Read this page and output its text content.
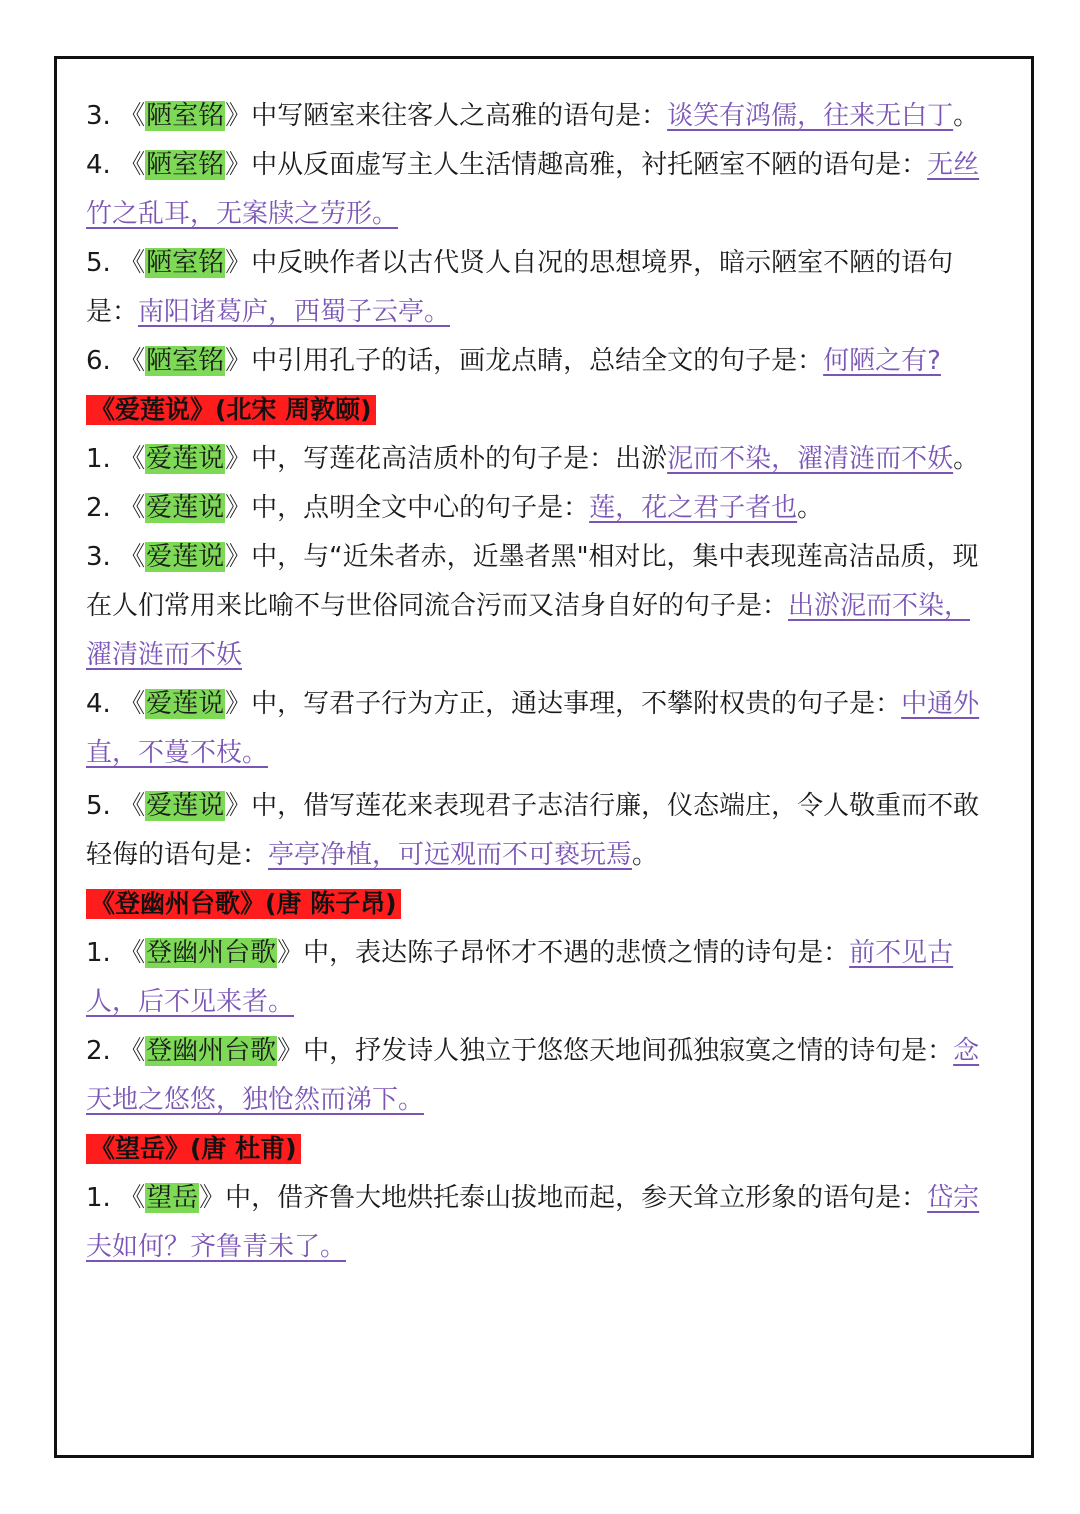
3. 《陋室铭》中写陋室来往客人之高雅的语句是：谈笑有鸿儒，往来无白丁。

4. 《陋室铭》中从反面虚写主人生活情趣高雅，衬托陋室不陋的语句是：无丝竹之乱耳，无案牍之劳形。

5. 《陋室铭》中反映作者以古代贤人自况的思想境界，暗示陋室不陋的语句是：南阳诸葛庐，西蜀子云亭。

6. 《陋室铭》中引用孔子的话，画龙点睛，总结全文的句子是：何陋之有?

《爱莲说》(北宋 周敦颐)

1. 《爱莲说》中，写莲花高洁质朴的句子是：出淤泥而不染，濯清涟而不妖。

2. 《爱莲说》中，点明全文中心的句子是：莲，花之君子者也。

3. 《爱莲说》中，与“近朱者赤，近墨者黑"相对比，集中表现莲高洁品质，现在人们常用来比喻不与世俗同流合污而又洁身自好的句子是：出淤泥而不染，濯清涟而不妖

4. 《爱莲说》中，写君子行为方正，通达事理，不攀附权贵的句子是：中通外直，不蔓不枝。

5. 《爱莲说》中，借写莲花来表现君子志洁行廉，仪态端庄，令人敬重而不敢轻侮的语句是：亭亭净植，可远观而不可亵玩焉。

《登幽州台歌》(唐 陈子昂)

1. 《登幽州台歌》中，表达陈子昂怀才不遇的悲愤之情的诗句是：前不见古人，后不见来者。

2. 《登幽州台歌》中，抒发诗人独立于悠悠天地间孤独寂寞之情的诗句是：念天地之悠悠，独怆然而涕下。

《望岳》(唐 杜甫)

1. 《望岳》中，借齐鲁大地烘托泰山拔地而起，参天耸立形象的语句是：岱宗夫如何？齐鲁青未了。
